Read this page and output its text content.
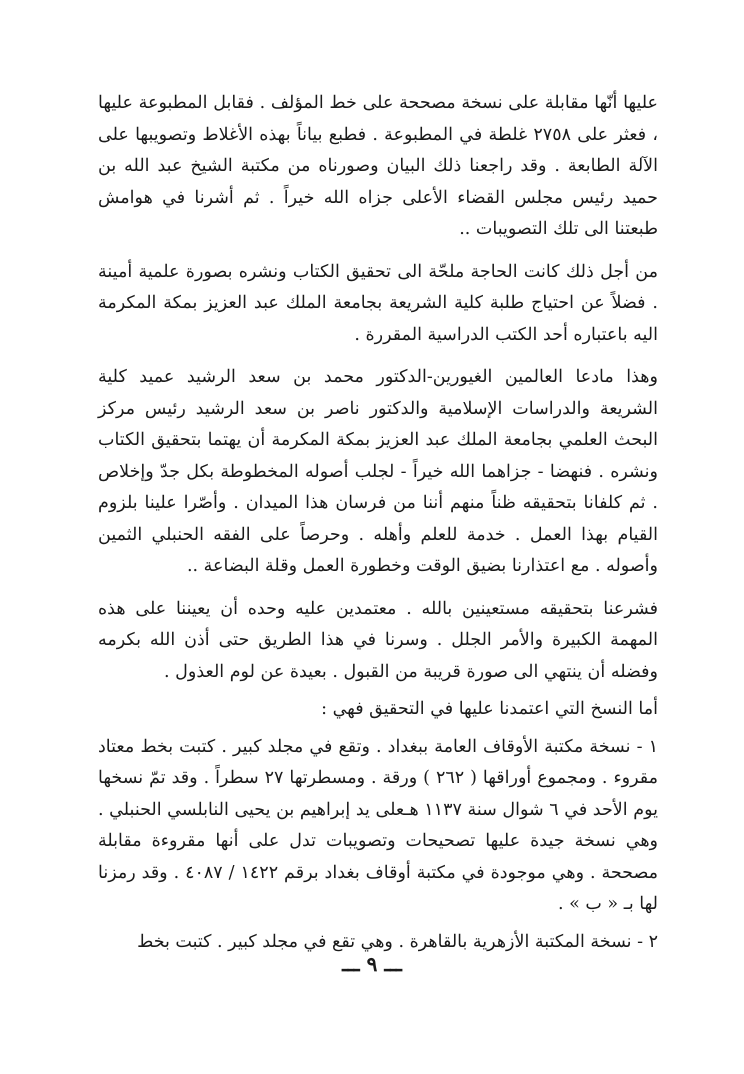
عليها أنّها مقابلة على نسخة مصححة على خط المؤلف . فقابل المطبوعة عليها ، فعثر على ٢٧٥٨ غلطة في المطبوعة . فطبع بياناً بهذه الأغلاط وتصويبها على الآلة الطابعة . وقد راجعنا ذلك البيان وصورناه من مكتبة الشيخ عبد الله بن حميد رئيس مجلس القضاء الأعلى جزاه الله خيراً . ثم أشرنا في هوامش طبعتنا الى تلك التصويبات ..

من أجل ذلك كانت الحاجة ملحّة الى تحقيق الكتاب ونشره بصورة علمية أمينة . فضلاً عن احتياج طلبة كلية الشريعة بجامعة الملك عبد العزيز بمكة المكرمة اليه باعتباره أحد الكتب الدراسية المقررة .

وهذا مادعا العالمين الغيورين-الدكتور محمد بن سعد الرشيد عميد كلية الشريعة والدراسات الإسلامية والدكتور ناصر بن سعد الرشيد رئيس مركز البحث العلمي بجامعة الملك عبد العزيز بمكة المكرمة أن يهتما بتحقيق الكتاب ونشره . فنهضا - جزاهما الله خيراً - لجلب أصوله المخطوطة بكل جدّ وإخلاص . ثم كلفانا بتحقيقه ظناً منهم أننا من فرسان هذا الميدان . وأصّرا علينا بلزوم القيام بهذا العمل . خدمة للعلم وأهله . وحرصاً على الفقه الحنبلي الثمين وأصوله . مع اعتذارنا بضيق الوقت وخطورة العمل وقلة البضاعة ..

فشرعنا بتحقيقه مستعينين بالله . معتمدين عليه وحده أن يعيننا على هذه المهمة الكبيرة والأمر الجلل . وسرنا في هذا الطريق حتى أذن الله بكرمه وفضله أن ينتهي الى صورة قريبة من القبول . بعيدة عن لوم العذول .

أما النسخ التي اعتمدنا عليها في التحقيق فهي :

١ - نسخة مكتبة الأوقاف العامة ببغداد . وتقع في مجلد كبير . كتبت بخط معتاد مقروء . ومجموع أوراقها ( ٢٦٢ ) ورقة . ومسطرتها ٢٧ سطراً . وقد تمّ نسخها يوم الأحد في ٦ شوال سنة ١١٣٧ هـعلى يد إبراهيم بن يحيى النابلسي الحنبلي . وهي نسخة جيدة عليها تصحيحات وتصويبات تدل على أنها مقروءة مقابلة مصححة . وهي موجودة في مكتبة أوقاف بغداد برقم ١٤٢٢ / ٤٠٨٧ . وقد رمزنا لها بـ « ب » .

٢ - نسخة المكتبة الأزهرية بالقاهرة . وهي تقع في مجلد كبير . كتبت بخط

ـــ ٩ ـــ
